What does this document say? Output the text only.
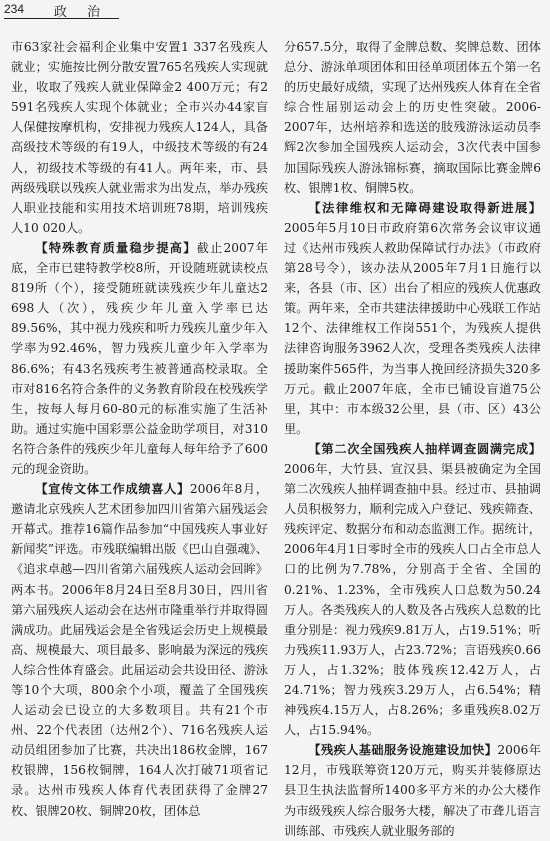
234 政 治

市63家社会福利企业集中安置1 337名残疾人就业；实施按比例分散安置765名残疾人实现就业，收取了残疾人就业保障金2 400万元；有2 591名残疾人实现个体就业；全市兴办44家盲人保健按摩机构，安排视力残疾人124人，具备高级技术等级的有19人，中级技术等级的有24人，初级技术等级的有41人。两年来，市、县两级残联以残疾人就业需求为出发点，举办残疾人职业技能和实用技术培训班78期，培训残疾人10 020人。

【特殊教育质量稳步提高】截止2007年底，全市已建特教学校8所，开设随班就读校点819所（个），接受随班就读残疾少年儿童达2 698人（次），残疾少年儿童入学率已达89.56%，其中视力残疾和听力残疾儿童少年入学率为92.46%，智力残疾儿童少年入学率为86.6%；有43名残疾考生被普通高校录取。全市对816名符合条件的义务教育阶段在校残疾学生，按每人每月60-80元的标准实施了生活补助。通过实施中国彩票公益金助学项目，对310名符合条件的残疾少年儿童每人每年给予了600元的现金资助。

【宣传文体工作成绩喜人】2006年8月，邀请北京残疾人艺术团参加四川省第六届残运会开幕式。推荐16篇作品参加“中国残疾人事业好新闻奖”评选。市残联编辑出版《巴山自强魂》、《追求卓越—四川省第六届残疾人运动会回眸》两本书。2006年8月24日至8月30日，四川省第六届残疾人运动会在达州市隆重举行并取得圆满成功。此届残运会是全省残运会历史上规模最高、规模最大、项目最多、影响最为深远的残疾人综合性体育盛会。此届运动会共设田径、游泳等10个大项，800余个小项，覆盖了全国残疾人运动会已设立的大多数项目。共有21个市州、22个代表团（达州2个）、716名残疾人运动员组团参加了比赛，共决出186枚金牌，167枚银牌，156枚铜牌，164人次打破71项省记录。达州市残疾人体育代表团获得了金牌27枚、银牌20枚、铜牌20枚，团体总

分657.5分，取得了金牌总数、奖牌总数、团体总分、游泳单项团体和田径单项团体五个第一名的历史最好成绩，实现了达州残疾人体育在全省综合性届别运动会上的历史性突破。2006-2007年，达州培养和选送的肢残游泳运动员李辉2次参加全国残疾人运动会，3次代表中国参加国际残疾人游泳锦标赛，摘取国际比赛金牌6枚、银牌1枚、铜牌5枚。

【法律维权和无障碍建设取得新进展】2005年5月10日市政府第6次常务会议审议通过《达州市残疾人救助保障试行办法》（市政府第28号令），该办法从2005年7月1日施行以来，各县（市、区）出台了相应的残疾人优惠政策。两年来，全市共建法律援助中心残联工作站12个、法律维权工作岗551个，为残疾人提供法律咨询服务3962人次，受理各类残疾人法律援助案件565件，为当事人挽回经济损失320多万元。截止2007年底，全市已铺设盲道75公里，其中：市本级32公里，县（市、区）43公里。

【第二次全国残疾人抽样调查圆满完成】2006年，大竹县、宣汉县、渠县被确定为全国第二次残疾人抽样调查抽中县。经过市、县抽调人员积极努力，顺利完成入户登记、残疾筛查、残疾评定、数据分布和动态监测工作。据统计，2006年4月1日零时全市的残疾人口占全市总人口的比例为7.78%，分别高于全省、全国的0.21%、1.23%，全市残疾人口总数为50.24万人。各类残疾人的人数及各占残疾人总数的比重分别是：视力残疾9.81万人，占19.51%；听力残疾11.93万人，占23.72%；言语残疾0.66万人，占1.32%；肢体残疾12.42万人，占24.71%；智力残疾3.29万人，占6.54%；精神残疾4.15万人，占8.26%；多重残疾8.02万人，占15.94%。

【残疾人基础服务设施建设加快】2006年12月，市残联筹资120万元，购买并装修原达县卫生执法监督所1400多平方米的办公大楼作为市级残疾人综合服务大楼，解决了市聋儿语言训练部、市残疾人就业服务部的
